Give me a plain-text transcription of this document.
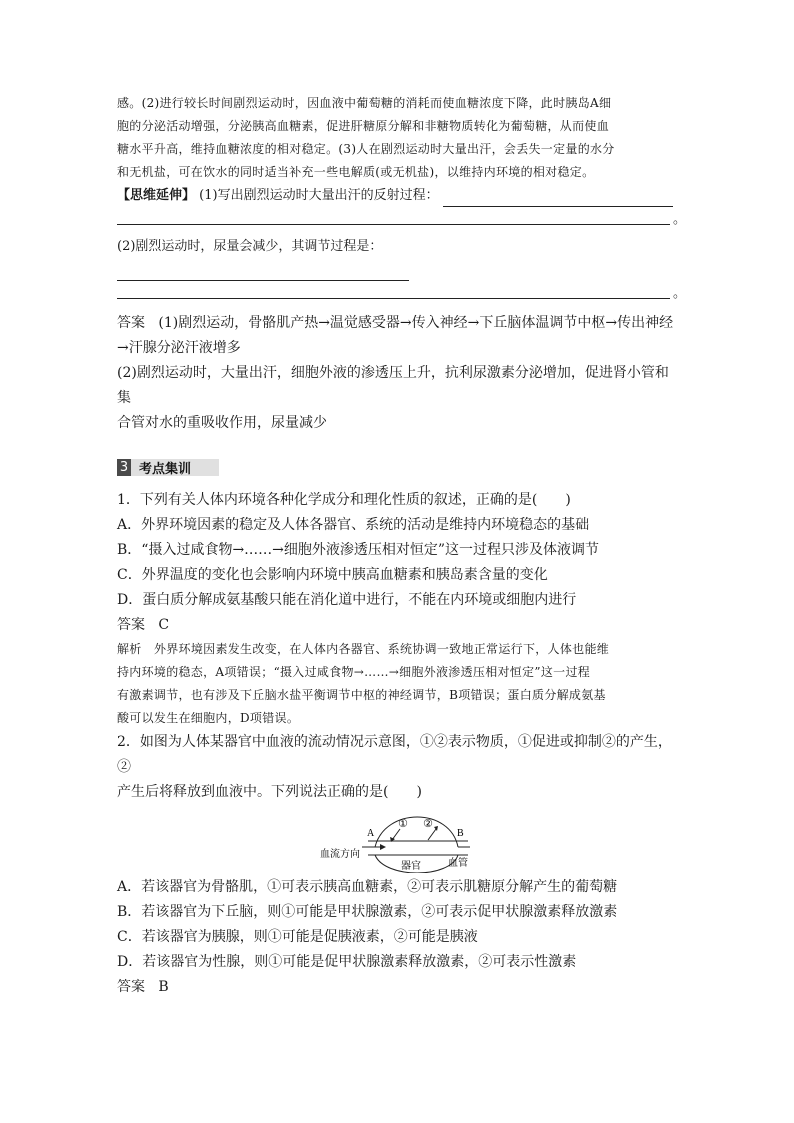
感。(2)进行较长时间剧烈运动时，因血液中葡萄糖的消耗而使血糖浓度下降，此时胰岛A细

胞的分泌活动增强，分泌胰高血糖素，促进肝糖原分解和非糖物质转化为葡萄糖，从而使血

糖水平升高，维持血糖浓度的相对稳定。(3)人在剧烈运动时大量出汗，会丢失一定量的水分

和无机盐，可在饮水的同时适当补充一些电解质(或无机盐)，以维持内环境的相对稳定。

【思维延伸】 (1)写出剧烈运动时大量出汗的反射过程：

。

(2)剧烈运动时，尿量会减少，其调节过程是：

。

答案 (1)剧烈运动，骨骼肌产热→温觉感受器→传入神经→下丘脑体温调节中枢→传出神经

→汗腺分泌汗液增多

(2)剧烈运动时，大量出汗，细胞外液的渗透压上升，抗利尿激素分泌增加，促进肾小管和集

合管对水的重吸收作用，尿量减少

3 考点集训

1．下列有关人体内环境各种化学成分和理化性质的叙述，正确的是(　　)

A．外界环境因素的稳定及人体各器官、系统的活动是维持内环境稳态的基础

B．“摄入过咸食物→……→细胞外液渗透压相对恒定”这一过程只涉及体液调节

C．外界温度的变化也会影响内环境中胰高血糖素和胰岛素含量的变化

D．蛋白质分解成氨基酸只能在消化道中进行，不能在内环境或细胞内进行

答案 C

解析 外界环境因素发生改变，在人体内各器官、系统协调一致地正常运行下，人体也能维

持内环境的稳态，A项错误；“摄入过咸食物→……→细胞外液渗透压相对恒定”这一过程

有激素调节，也有涉及下丘脑水盐平衡调节中枢的神经调节，B项错误；蛋白质分解成氨基

酸可以发生在细胞内，D项错误。

2．如图为人体某器官中血液的流动情况示意图，①②表示物质，①促进或抑制②的产生，②

产生后将释放到血液中。下列说法正确的是(　　)

A	B
① ②
血流方向
器官	血管

A．若该器官为骨骼肌，①可表示胰高血糖素，②可表示肌糖原分解产生的葡萄糖

B．若该器官为下丘脑，则①可能是甲状腺激素，②可表示促甲状腺激素释放激素

C．若该器官为胰腺，则①可能是促胰液素，②可能是胰液

D．若该器官为性腺，则①可能是促甲状腺激素释放激素，②可表示性激素

答案 B
